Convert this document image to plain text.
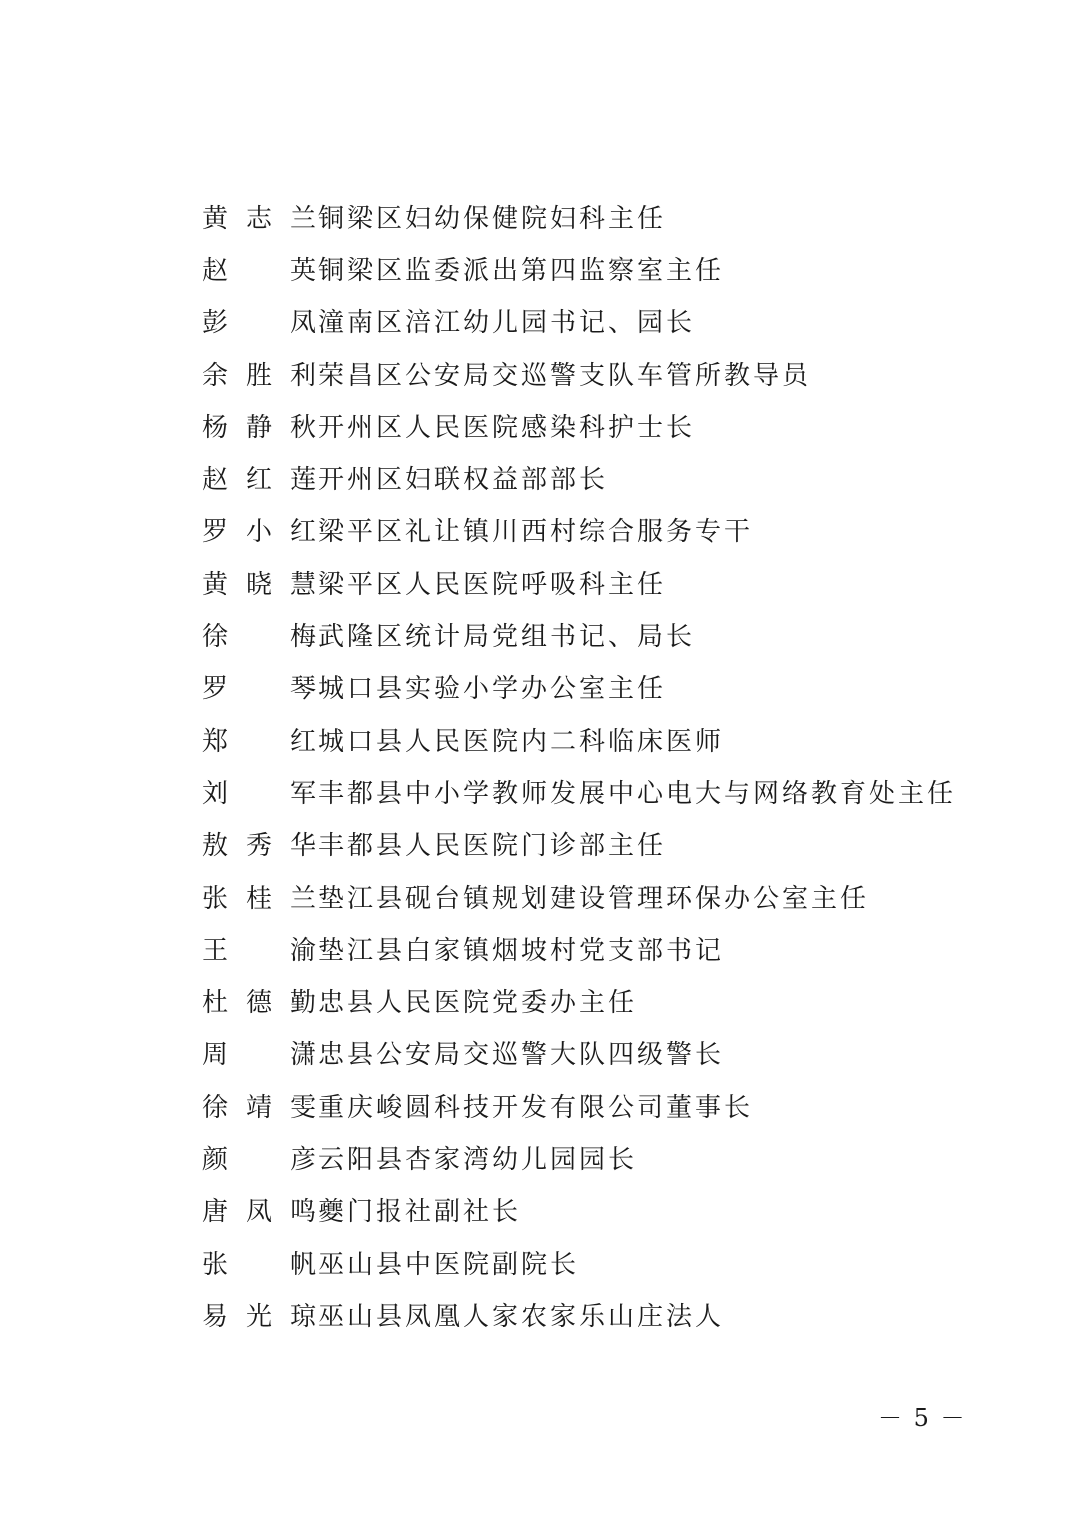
黄 志 兰 铜梁区妇幼保健院妇科主任
赵 英 铜梁区监委派出第四监察室主任
彭 凤 潼南区涪江幼儿园书记、园长
余 胜 利 荣昌区公安局交巡警支队车管所教导员
杨 静 秋 开州区人民医院感染科护士长
赵 红 莲 开州区妇联权益部部长
罗 小 红 梁平区礼让镇川西村综合服务专干
黄 晓 慧 梁平区人民医院呼吸科主任
徐 梅 武隆区统计局党组书记、局长
罗 琴 城口县实验小学办公室主任
郑 红 城口县人民医院内二科临床医师
刘 军 丰都县中小学教师发展中心电大与网络教育处主任
敖 秀 华 丰都县人民医院门诊部主任
张 桂 兰 垫江县砚台镇规划建设管理环保办公室主任
王 渝 垫江县白家镇烟坡村党支部书记
杜 德 勤 忠县人民医院党委办主任
周 潇 忠县公安局交巡警大队四级警长
徐 靖 雯 重庆峻圆科技开发有限公司董事长
颜 彦 云阳县杏家湾幼儿园园长
唐 凤 鸣 夔门报社副社长
张 帆 巫山县中医院副院长
易 光 琼 巫山县凤凰人家农家乐山庄法人
－ 5 －
